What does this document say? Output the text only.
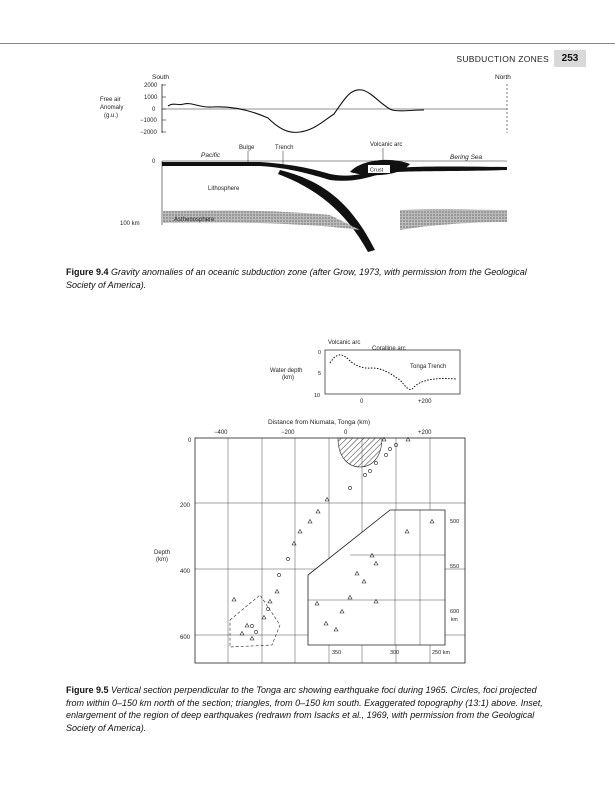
SUBDUCTION ZONES	253
South	North
2000
1000
0
−1000
−2000
Free air
Anomaly
(g.u.)
Bulge	Trench	Volcanic arc
Pacific	Bering Sea
0
100 km
Crust
Lithosphere
Asthenosphere
Figure 9.4 Gravity anomalies of an oceanic subduction zone (after Grow, 1973, with permission from the Geological Society of America).
Volcanic arc
Coralline arc
Water depth
(km)
0
5
10
Tonga Trench
0	+200
Distance from Niumata, Tonga (km)
−400	−200	0	+200
0
200
400
600
Depth
(km)
500
550
600
km
350	300	250 km
Figure 9.5 Vertical section perpendicular to the Tonga arc showing earthquake foci during 1965. Circles, foci projected from within 0–150 km north of the section; triangles, from 0–150 km south. Exaggerated topography (13:1) above. Inset, enlargement of the region of deep earthquakes (redrawn from Isacks et al., 1969, with permission from the Geological Society of America).
